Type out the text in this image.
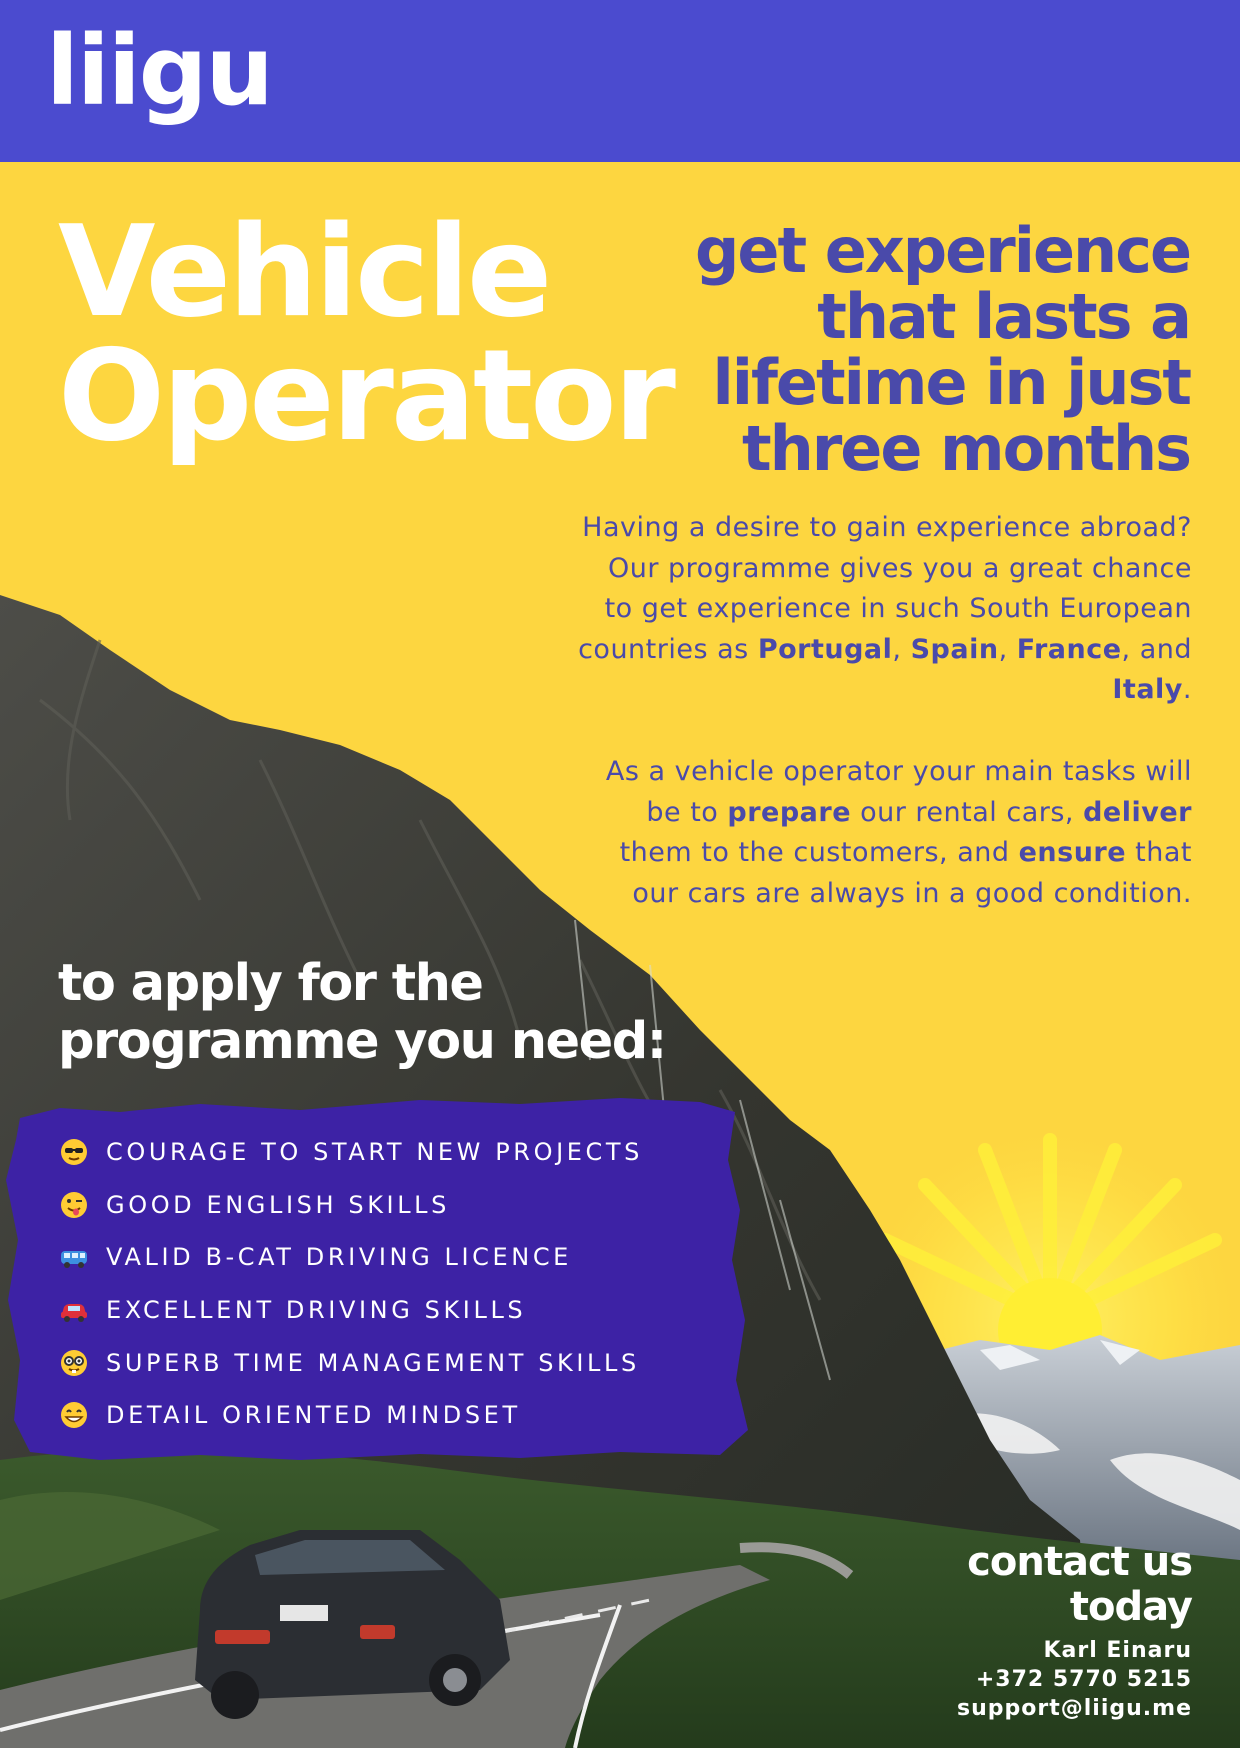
liigu
Vehicle
Operator
get experience
that lasts a
lifetime in just
three months

Having a desire to gain experience abroad? Our programme gives you a great chance to get experience in such South European countries as Portugal, Spain, France, and Italy.

As a vehicle operator your main tasks will be to prepare our rental cars, deliver them to the customers, and ensure that our cars are always in a good condition.

to apply for the
programme you need:
COURAGE TO START NEW PROJECTS
GOOD ENGLISH SKILLS
VALID B-CAT DRIVING LICENCE
EXCELLENT DRIVING SKILLS
SUPERB TIME MANAGEMENT SKILLS
DETAIL ORIENTED MINDSET
contact us
today
Karl Einaru
+372 5770 5215
support@liigu.me
